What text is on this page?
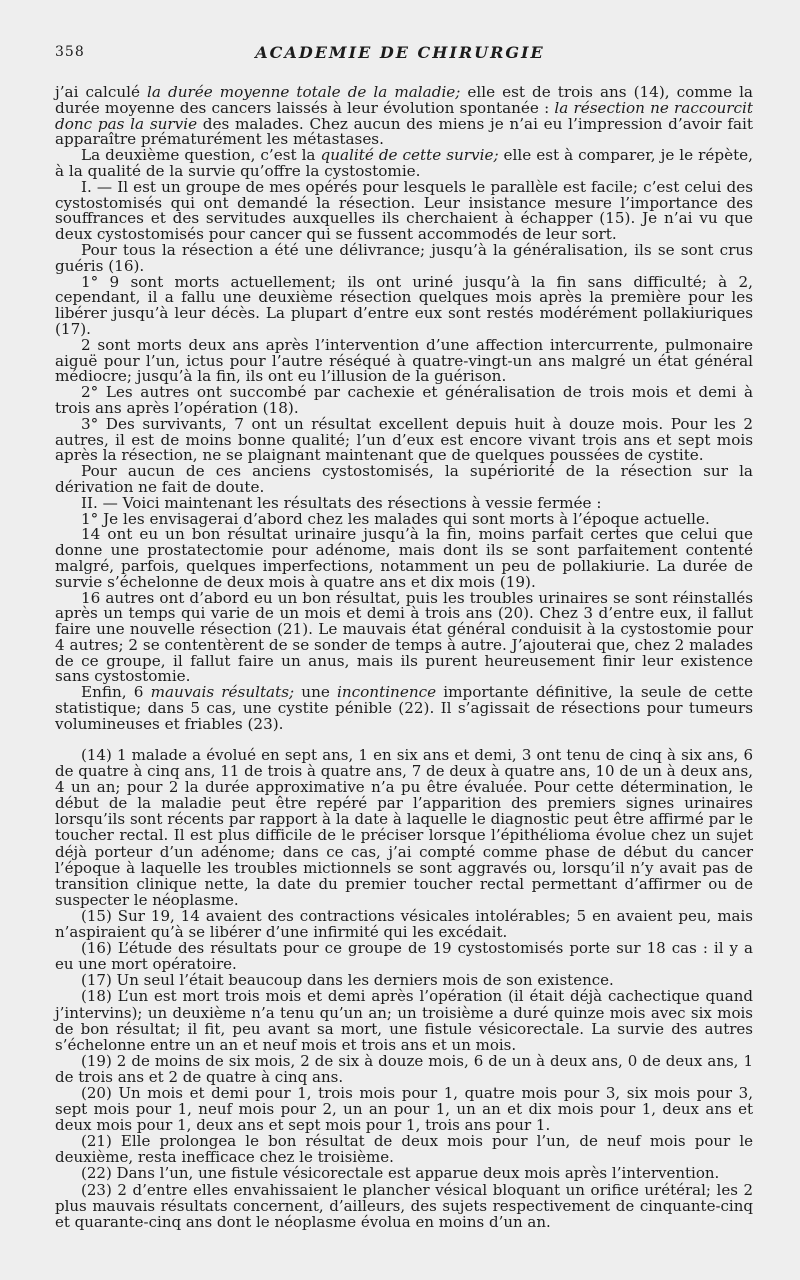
358	ACADEMIE DE CHIRURGIE

j’ai calculé la durée moyenne totale de la maladie; elle est de trois ans (14), comme la durée moyenne des cancers laissés à leur évolution spontanée : la résection ne raccourcit donc pas la survie des malades. Chez aucun des miens je n’ai eu l’impression d’avoir fait apparaître prématurément les métastases.

La deuxième question, c’est la qualité de cette survie; elle est à comparer, je le répète, à la qualité de la survie qu’offre la cystostomie.

I. — Il est un groupe de mes opérés pour lesquels le parallèle est facile; c’est celui des cystostomisés qui ont demandé la résection. Leur insistance mesure l’importance des souffrances et des servitudes auxquelles ils cherchaient à échapper (15). Je n’ai vu que deux cystostomisés pour cancer qui se fussent accommodés de leur sort.

Pour tous la résection a été une délivrance; jusqu’à la généralisation, ils se sont crus guéris (16).

1° 9 sont morts actuellement; ils ont uriné jusqu’à la fin sans difficulté; à 2, cependant, il a fallu une deuxième résection quelques mois après la première pour les libérer jusqu’à leur décès. La plupart d’entre eux sont restés modérément pollakiuriques (17).

2 sont morts deux ans après l’intervention d’une affection intercurrente, pulmonaire aiguë pour l’un, ictus pour l’autre réséqué à quatre-vingt-un ans malgré un état général médiocre; jusqu’à la fin, ils ont eu l’illusion de la guérison.

2° Les autres ont succombé par cachexie et généralisation de trois mois et demi à trois ans après l’opération (18).

3° Des survivants, 7 ont un résultat excellent depuis huit à douze mois. Pour les 2 autres, il est de moins bonne qualité; l’un d’eux est encore vivant trois ans et sept mois après la résection, ne se plaignant maintenant que de quelques poussées de cystite.

Pour aucun de ces anciens cystostomisés, la supériorité de la résection sur la dérivation ne fait de doute.

II. — Voici maintenant les résultats des résections à vessie fermée :

1° Je les envisagerai d’abord chez les malades qui sont morts à l’époque actuelle.

14 ont eu un bon résultat urinaire jusqu’à la fin, moins parfait certes que celui que donne une prostatectomie pour adénome, mais dont ils se sont parfaitement contenté malgré, parfois, quelques imperfections, notamment un peu de pollakiurie. La durée de survie s’échelonne de deux mois à quatre ans et dix mois (19).

16 autres ont d’abord eu un bon résultat, puis les troubles urinaires se sont réinstallés après un temps qui varie de un mois et demi à trois ans (20). Chez 3 d’entre eux, il fallut faire une nouvelle résection (21). Le mauvais état général conduisit à la cystostomie pour 4 autres; 2 se contentèrent de se sonder de temps à autre. J’ajouterai que, chez 2 malades de ce groupe, il fallut faire un anus, mais ils purent heureusement finir leur existence sans cystostomie.

Enfin, 6 mauvais résultats; une incontinence importante définitive, la seule de cette statistique; dans 5 cas, une cystite pénible (22). Il s’agissait de résections pour tumeurs volumineuses et friables (23).

(14) 1 malade a évolué en sept ans, 1 en six ans et demi, 3 ont tenu de cinq à six ans, 6 de quatre à cinq ans, 11 de trois à quatre ans, 7 de deux à quatre ans, 10 de un à deux ans, 4 un an; pour 2 la durée approximative n’a pu être évaluée. Pour cette détermination, le début de la maladie peut être repéré par l’apparition des premiers signes urinaires lorsqu’ils sont récents par rapport à la date à laquelle le diagnostic peut être affirmé par le toucher rectal. Il est plus difficile de le préciser lorsque l’épithélioma évolue chez un sujet déjà porteur d’un adénome; dans ce cas, j’ai compté comme phase de début du cancer l’époque à laquelle les troubles mictionnels se sont aggravés ou, lorsqu’il n’y avait pas de transition clinique nette, la date du premier toucher rectal permettant d’affirmer ou de suspecter le néoplasme.

(15) Sur 19, 14 avaient des contractions vésicales intolérables; 5 en avaient peu, mais n’aspiraient qu’à se libérer d’une infirmité qui les excédait.

(16) L’étude des résultats pour ce groupe de 19 cystostomisés porte sur 18 cas : il y a eu une mort opératoire.

(17) Un seul l’était beaucoup dans les derniers mois de son existence.

(18) L’un est mort trois mois et demi après l’opération (il était déjà cachectique quand j’intervins); un deuxième n’a tenu qu’un an; un troisième a duré quinze mois avec six mois de bon résultat; il fit, peu avant sa mort, une fistule vésicorectale. La survie des autres s’échelonne entre un an et neuf mois et trois ans et un mois.

(19) 2 de moins de six mois, 2 de six à douze mois, 6 de un à deux ans, 0 de deux ans, 1 de trois ans et 2 de quatre à cinq ans.

(20) Un mois et demi pour 1, trois mois pour 1, quatre mois pour 3, six mois pour 3, sept mois pour 1, neuf mois pour 2, un an pour 1, un an et dix mois pour 1, deux ans et deux mois pour 1, deux ans et sept mois pour 1, trois ans pour 1.

(21) Elle prolongea le bon résultat de deux mois pour l’un, de neuf mois pour le deuxième, resta inefficace chez le troisième.

(22) Dans l’un, une fistule vésicorectale est apparue deux mois après l’intervention.

(23) 2 d’entre elles envahissaient le plancher vésical bloquant un orifice urétéral; les 2 plus mauvais résultats concernent, d’ailleurs, des sujets respectivement de cinquante-cinq et quarante-cinq ans dont le néoplasme évolua en moins d’un an.
